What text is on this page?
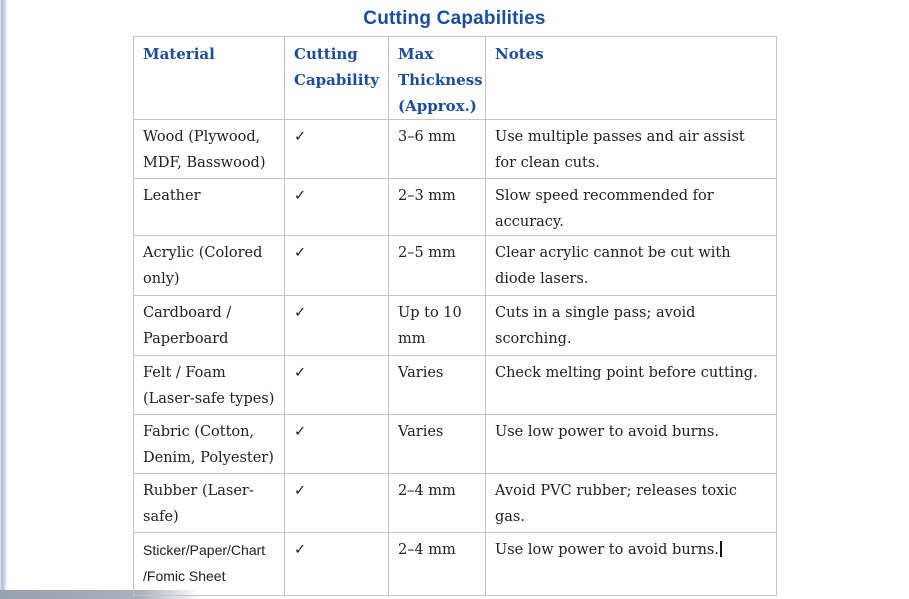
Cutting Capabilities
Material	Cutting Capability	Max Thickness (Approx.)	Notes
Wood (Plywood, MDF, Basswood)	✓	3–6 mm	Use multiple passes and air assist for clean cuts.
Leather	✓	2–3 mm	Slow speed recommended for accuracy.
Acrylic (Colored only)	✓	2–5 mm	Clear acrylic cannot be cut with diode lasers.
Cardboard / Paperboard	✓	Up to 10 mm	Cuts in a single pass; avoid scorching.
Felt / Foam (Laser-safe types)	✓	Varies	Check melting point before cutting.
Fabric (Cotton, Denim, Polyester)	✓	Varies	Use low power to avoid burns.
Rubber (Laser-safe)	✓	2–4 mm	Avoid PVC rubber; releases toxic gas.
Sticker/Paper/Chart /Fomic Sheet	✓	2–4 mm	Use low power to avoid burns.
